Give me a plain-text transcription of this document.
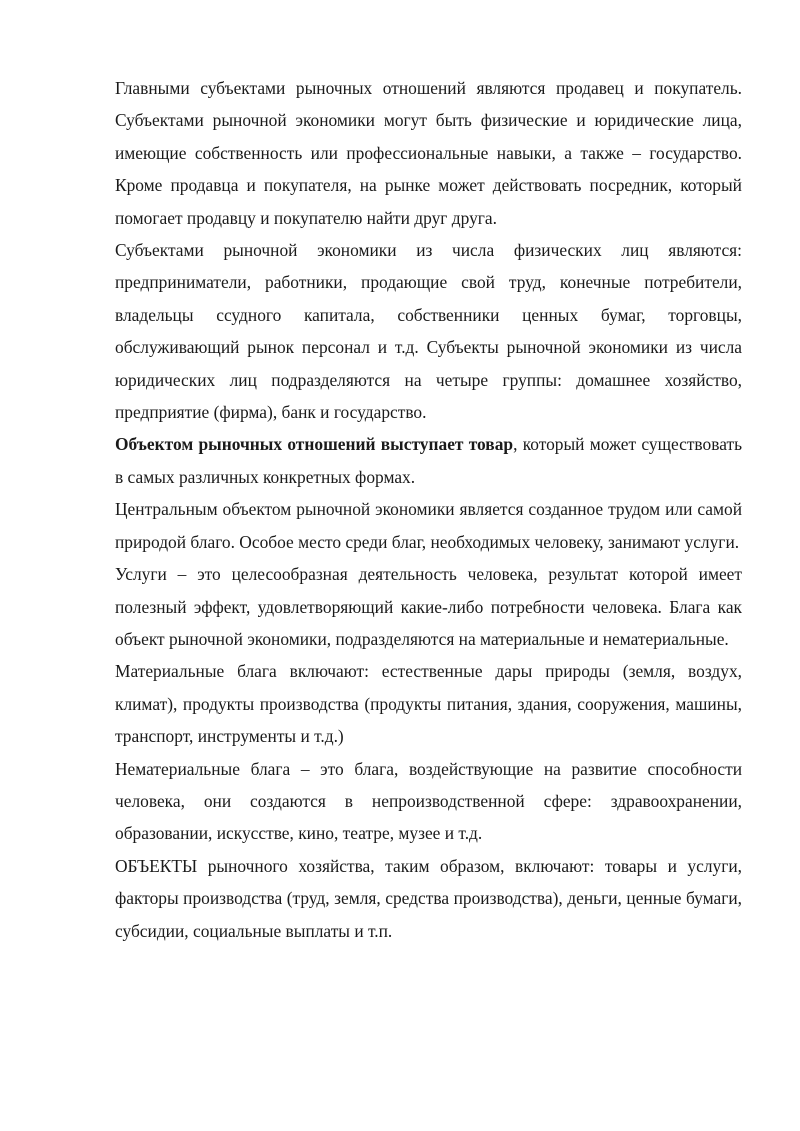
Главными субъектами рыночных отношений являются продавец и покупатель. Субъектами рыночной экономики могут быть физические и юридические лица, имеющие собственность или профессиональные навыки, а также – государство. Кроме продавца и покупателя, на рынке может действовать посредник, который помогает продавцу и покупателю найти друг друга.

Субъектами рыночной экономики из числа физических лиц являются: предприниматели, работники, продающие свой труд, конечные потребители, владельцы ссудного капитала, собственники ценных бумаг, торговцы, обслуживающий рынок персонал и т.д. Субъекты рыночной экономики из числа юридических лиц подразделяются на четыре группы: домашнее хозяйство, предприятие (фирма), банк и государство.

Объектом рыночных отношений выступает товар, который может существовать в самых различных конкретных формах.

Центральным объектом рыночной экономики является созданное трудом или самой природой благо. Особое место среди благ, необходимых человеку, занимают услуги.

Услуги – это целесообразная деятельность человека, результат которой имеет полезный эффект, удовлетворяющий какие-либо потребности человека. Блага как объект рыночной экономики, подразделяются на материальные и нематериальные.

Материальные блага включают: естественные дары природы (земля, воздух, климат), продукты производства (продукты питания, здания, сооружения, машины, транспорт, инструменты и т.д.)

Нематериальные блага – это блага, воздействующие на развитие способности человека, они создаются в непроизводственной сфере: здравоохранении, образовании, искусстве, кино, театре, музее и т.д.

ОБЪЕКТЫ рыночного хозяйства, таким образом, включают: товары и услуги, факторы производства (труд, земля, средства производства), деньги, ценные бумаги, субсидии, социальные выплаты и т.п.
